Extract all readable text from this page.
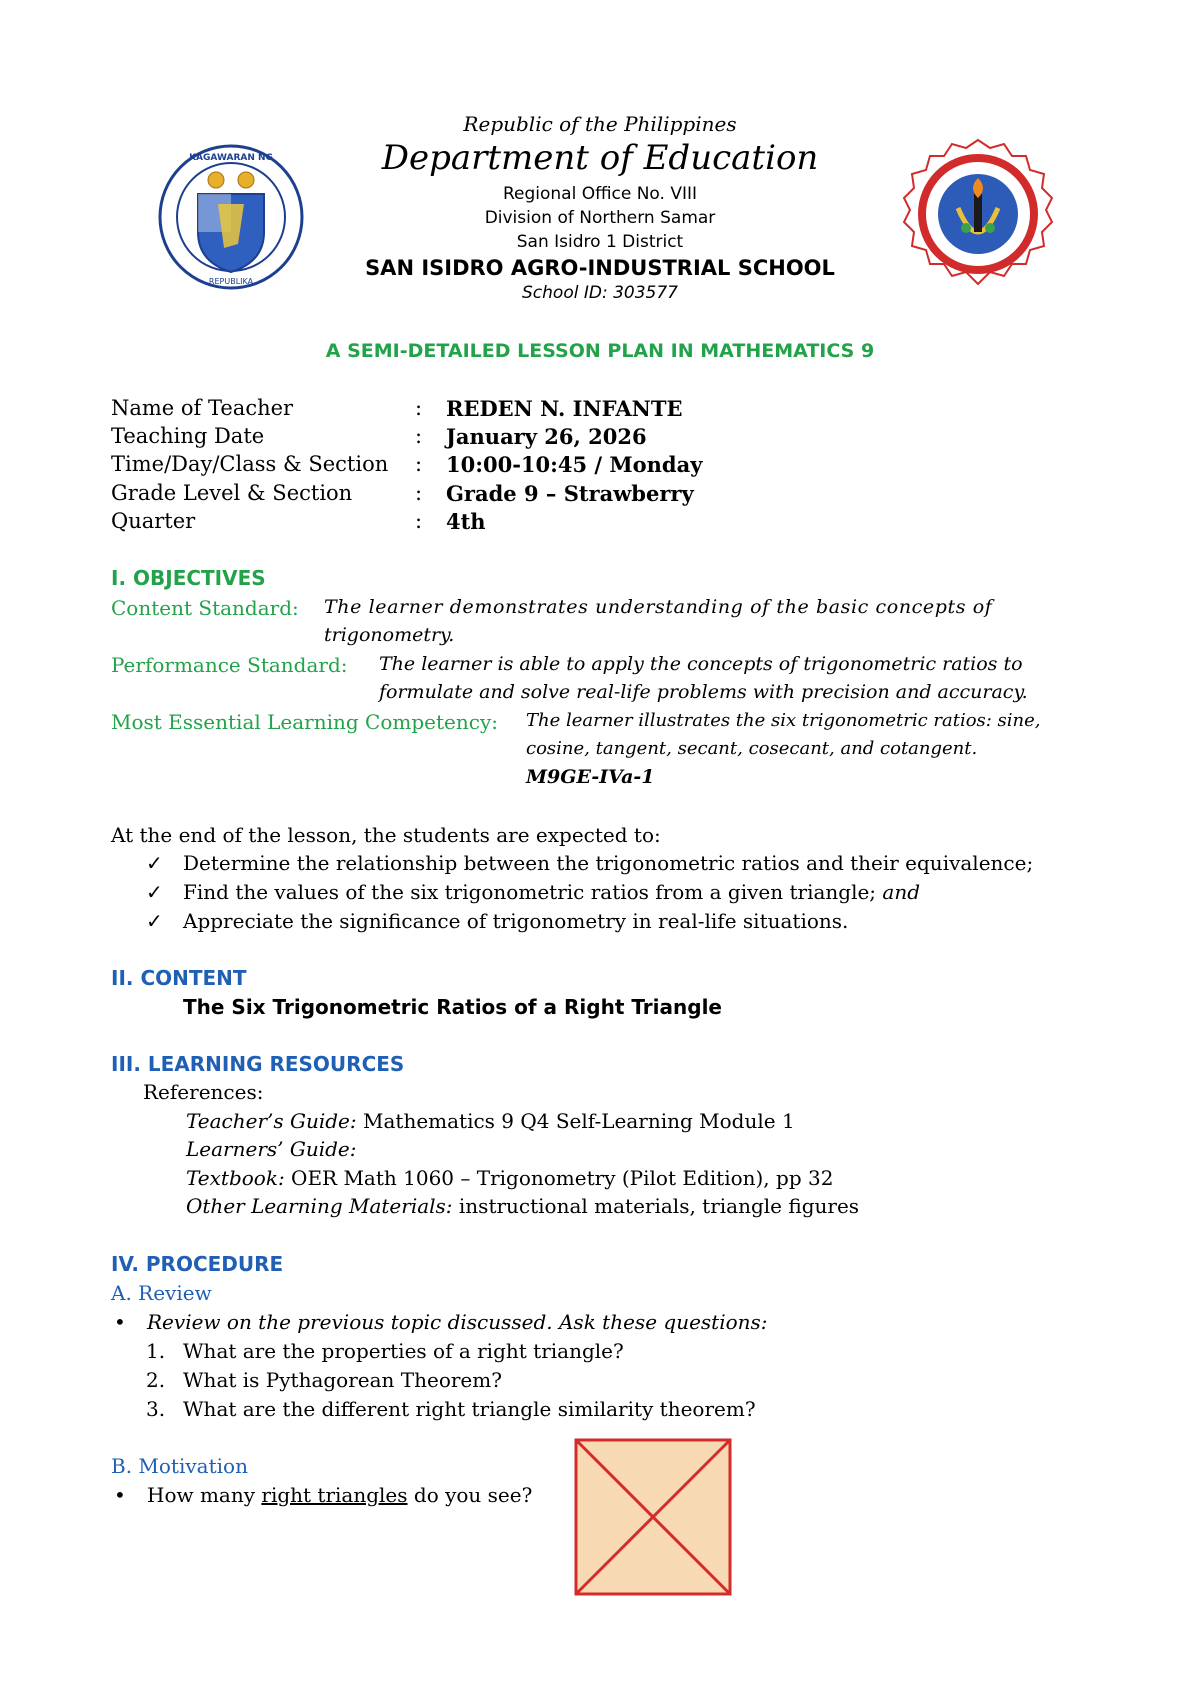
KAGAWARAN NG
REPUBLIKA
Republic of the Philippines
Department of Education
Regional Office No. VIII
Division of Northern Samar
San Isidro 1 District
SAN ISIDRO AGRO-INDUSTRIAL SCHOOL
School ID: 303577
A SEMI-DETAILED LESSON PLAN IN MATHEMATICS 9
Name of Teacher	: REDEN N. INFANTE
Teaching Date	: January 26, 2026
Time/Day/Class & Section : 10:00-10:45 / Monday
Grade Level & Section	: Grade 9 – Strawberry
Quarter	: 4th
I. OBJECTIVES
Content Standard: The learner demonstrates understanding of the basic concepts of
trigonometry.
Performance Standard: The learner is able to apply the concepts of trigonometric ratios to
formulate and solve real-life problems with precision and accuracy.
Most Essential Learning Competency: The learner illustrates the six trigonometric ratios: sine,
cosine, tangent, secant, cosecant, and cotangent.
M9GE-IVa-1
At the end of the lesson, the students are expected to:
✓ Determine the relationship between the trigonometric ratios and their equivalence;
✓ Find the values of the six trigonometric ratios from a given triangle; and
✓ Appreciate the significance of trigonometry in real-life situations.
II. CONTENT
The Six Trigonometric Ratios of a Right Triangle
III. LEARNING RESOURCES
References:
Teacher’s Guide: Mathematics 9 Q4 Self-Learning Module 1
Learners’ Guide:
Textbook: OER Math 1060 – Trigonometry (Pilot Edition), pp 32
Other Learning Materials: instructional materials, triangle figures
IV. PROCEDURE
A. Review
• Review on the previous topic discussed. Ask these questions:
1. What are the properties of a right triangle?
2. What is Pythagorean Theorem?
3. What are the different right triangle similarity theorem?
B. Motivation
• How many right triangles do you see?
